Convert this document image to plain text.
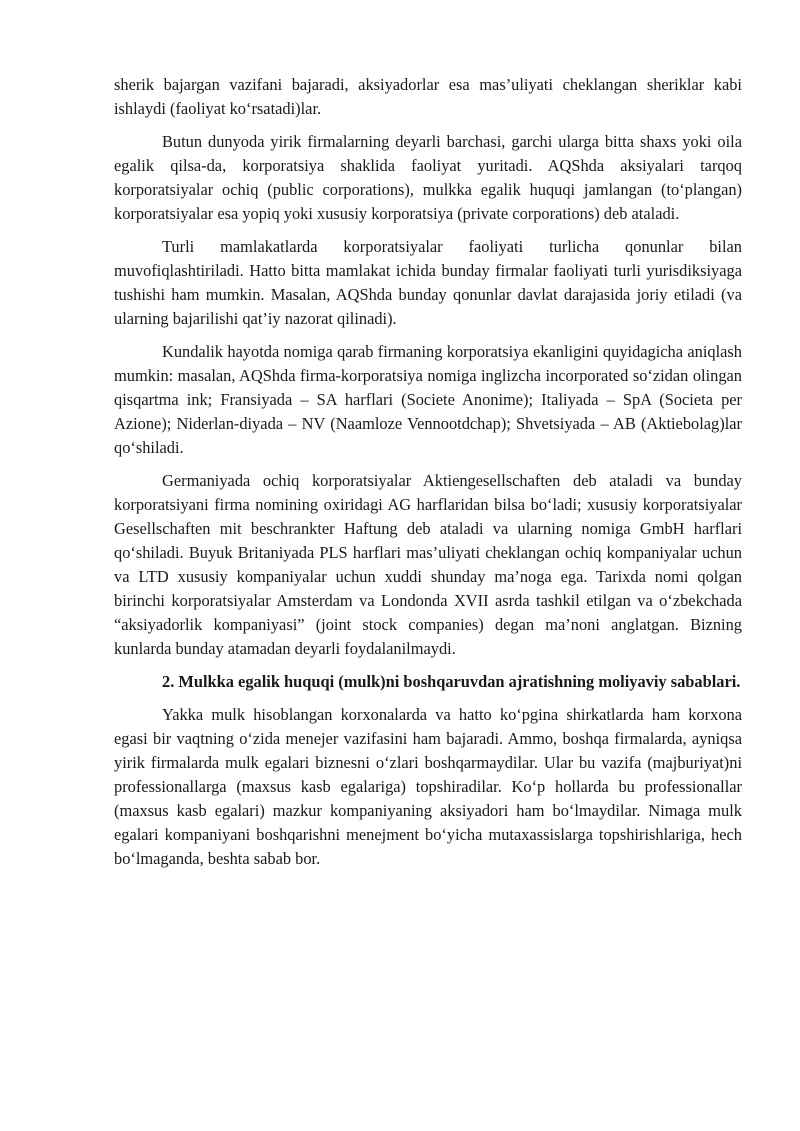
sherik bajargan vazifani bajaradi, aksiyadorlar esa mas’uliyati cheklangan sheriklar kabi ishlaydi (faoliyat ko‘rsatadi)lar.

Butun dunyoda yirik firmalarning deyarli barchasi, garchi ularga bitta shaxs yoki oila egalik qilsa-da, korporatsiya shaklida faoliyat yuritadi. AQShda aksiyalari tarqoq korporatsiyalar ochiq (public corporations), mulkka egalik huquqi jamlangan (to‘plangan) korporatsiyalar esa yopiq yoki xususiy korporatsiya (private corporations) deb ataladi.

Turli mamlakatlarda korporatsiyalar faoliyati turlicha qonunlar bilan muvofiqlashtiriladi. Hatto bitta mamlakat ichida bunday firmalar faoliyati turli yurisdiksiyaga tushishi ham mumkin. Masalan, AQShda bunday qonunlar davlat darajasida joriy etiladi (va ularning bajarilishi qat’iy nazorat qilinadi).

Kundalik hayotda nomiga qarab firmaning korporatsiya ekanligini quyidagicha aniqlash mumkin: masalan, AQShda firma-korporatsiya nomiga inglizcha incorporated so‘zidan olingan qisqartma ink; Fransiyada – SA harflari (Societe Anonime); Italiyada – SpA (Societa per Azione); Niderlan-diyada – NV (Naamloze Vennootdchap); Shvetsiyada – AB (Aktiebolag)lar qo‘shiladi.

Germaniyada ochiq korporatsiyalar Aktiengesellschaften deb ataladi va bunday korporatsiyani firma nomining oxiridagi AG harflaridan bilsa bo‘ladi; xususiy korporatsiyalar Gesellschaften mit beschrankter Haftung deb ataladi va ularning nomiga GmbH harflari qo‘shiladi. Buyuk Britaniyada PLS harflari mas’uliyati cheklangan ochiq kompaniyalar uchun va LTD xususiy kompaniyalar uchun xuddi shunday ma’noga ega. Tarixda nomi qolgan birinchi korporatsiyalar Amsterdam va Londonda XVII asrda tashkil etilgan va o‘zbekchada “aksiyadorlik kompaniyasi” (joint stock companies) degan ma’noni anglatgan. Bizning kunlarda bunday atamadan deyarli foydalanilmaydi.

2. Mulkka egalik huquqi (mulk)ni boshqaruvdan ajratishning moliyaviy sabablari.

Yakka mulk hisoblangan korxonalarda va hatto ko‘pgina shirkatlarda ham korxona egasi bir vaqtning o‘zida menejer vazifasini ham bajaradi. Ammo, boshqa firmalarda, ayniqsa yirik firmalarda mulk egalari biznesni o‘zlari boshqarmaydilar. Ular bu vazifa (majburiyat)ni professionallarga (maxsus kasb egalariga) topshiradilar. Ko‘p hollarda bu professionallar (maxsus kasb egalari) mazkur kompaniyaning aksiyadori ham bo‘lmaydilar. Nimaga mulk egalari kompaniyani boshqarishni menejment bo‘yicha mutaxassislarga topshirishlariga, hech bo‘lmaganda, beshta sabab bor.
